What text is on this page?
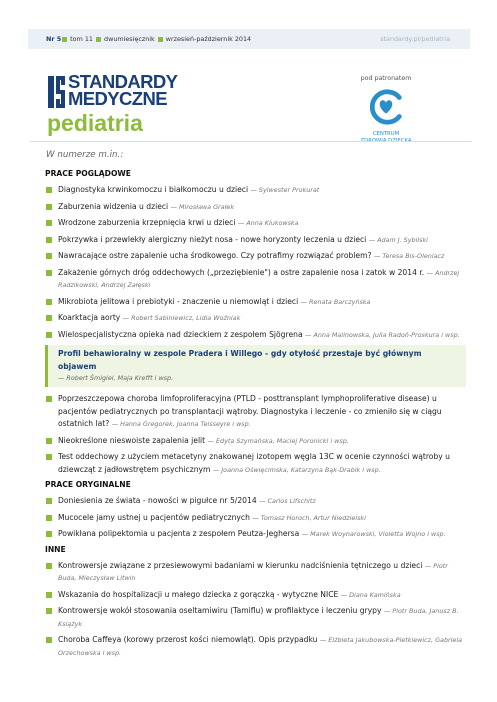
Nr 5 tom 11 dwumiesięcznik wrzesień-październik 2014	standardy.pl/pediatria
STANDARDY
MEDYCZNE
pediatria
pod patronatem
CENTRUM
W numerze m.in.:
PRACE POGLĄDOWE
Diagnostyka krwinkomoczu i białkomoczu u dzieci — Sylwester Prokurat
Zaburzenia widzenia u dzieci — Mirosława Grałek
Wrodzone zaburzenia krzepnięcia krwi u dzieci — Anna Klukowska
Pokrzywka i przewlekły alergiczny nieżyt nosa - nowe horyzonty leczenia u dzieci — Adam J. Sybilski
Nawracające ostre zapalenie ucha środkowego. Czy potrafimy rozwiązać problem? — Teresa Bis-Oleniacz
Zakażenie górnych dróg oddechowych („przeziębienie") a ostre zapalenie nosa i zatok w 2014 r. — Andrzej Radzikowski, Andrzej Załęski
Mikrobiota jelitowa i prebiotyki - znaczenie u niemowląt i dzieci — Renata Barczyńska
Koarktacja aorty — Robert Sabiniewicz, Lidia Woźniak
Wielospecjalistyczna opieka nad dzieckiem z zespołem Sjögrena — Anna Malinowska, Julia Radoń-Proskura i wsp.
Profil behawioralny w zespole Pradera i Willego - gdy otyłość przestaje być głównym objawem
— Robert Śmigiel, Maja Krefft i wsp.
Poprzeszczepowa choroba limfoproliferacyjna (PTLD - posttransplant lymphoproliferative disease) u pacjentów pediatrycznych po transplantacji wątroby. Diagnostyka i leczenie - co zmieniło się w ciągu ostatnich lat? — Hanna Gregorek, Joanna Teisseyre i wsp.
Nieokreślone nieswoiste zapalenia jelit — Edyta Szymańska, Maciej Poronicki i wsp.
Test oddechowy z użyciem metacetyny znakowanej izotopem węgla 13C w ocenie czynności wątroby u dziewcząt z jadłowstrętem psychicznym — Joanna Oświęcimska, Katarzyna Bąk-Drabik i wsp.
PRACE ORYGINALNE
Doniesienia ze świata - nowości w pigułce nr 5/2014 — Carlos Lifschitz
Mucocele jamy ustnej u pacjentów pediatrycznych — Tomasz Horoch, Artur Niedzielski
Powikłana polipektomia u pacjenta z zespołem Peutza-Jeghersa — Marek Woynarowski, Violetta Wojno i wsp.
INNE
Kontrowersje związane z przesiewowymi badaniami w kierunku nadciśnienia tętniczego u dzieci — Piotr Buda, Mieczysław Litwin
Wskazania do hospitalizacji u małego dziecka z gorączką - wytyczne NICE — Diana Kamińska
Kontrowersje wokół stosowania oseltamiwiru (Tamiflu) w profilaktyce i leczeniu grypy — Piotr Buda, Janusz B. Książyk
Choroba Caffeya (korowy przerost kości niemowląt). Opis przypadku — Elżbieta Jakubowska-Pietkiewicz, Gabriela Orzechowska i wsp.
